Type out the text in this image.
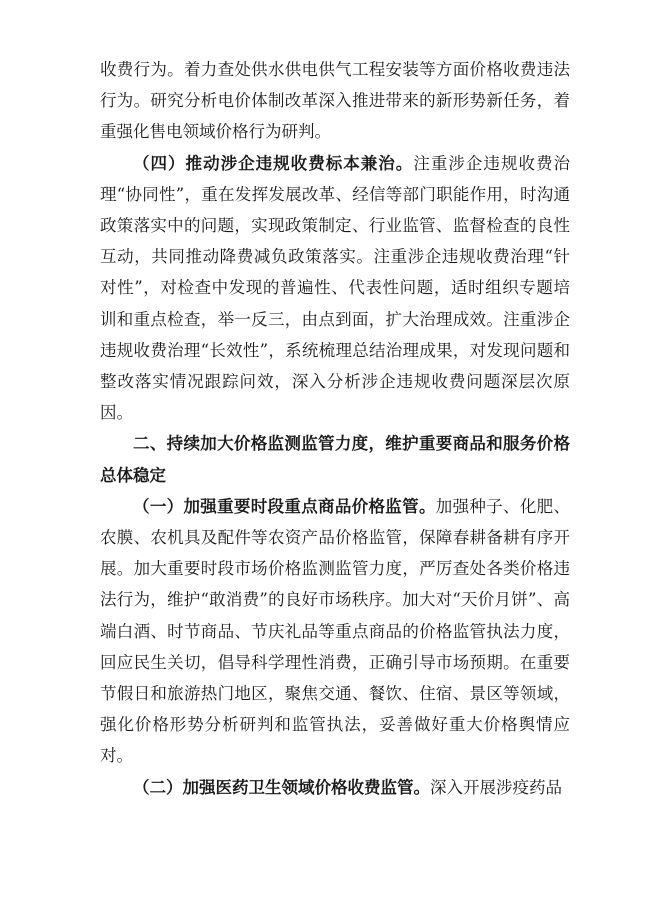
收费行为。着力查处供水供电供气工程安装等方面价格收费违法行为。研究分析电价体制改革深入推进带来的新形势新任务，着重强化售电领域价格行为研判。

（四）推动涉企违规收费标本兼治。注重涉企违规收费治理“协同性”，重在发挥发展改革、经信等部门职能作用，时沟通政策落实中的问题，实现政策制定、行业监管、监督检查的良性互动，共同推动降费减负政策落实。注重涉企违规收费治理“针对性”，对检查中发现的普遍性、代表性问题，适时组织专题培训和重点检查，举一反三，由点到面，扩大治理成效。注重涉企违规收费治理“长效性”，系统梳理总结治理成果，对发现问题和整改落实情况跟踪问效，深入分析涉企违规收费问题深层次原因。

二、持续加大价格监测监管力度，维护重要商品和服务价格总体稳定

（一）加强重要时段重点商品价格监管。加强种子、化肥、农膜、农机具及配件等农资产品价格监管，保障春耕备耕有序开展。加大重要时段市场价格监测监管力度，严厉查处各类价格违法行为，维护“敢消费”的良好市场秩序。加大对“天价月饼”、高端白酒、时节商品、节庆礼品等重点商品的价格监管执法力度，回应民生关切，倡导科学理性消费，正确引导市场预期。在重要节假日和旅游热门地区，聚焦交通、餐饮、住宿、景区等领域，强化价格形势分析研判和监管执法，妥善做好重大价格舆情应对。

（二）加强医药卫生领域价格收费监管。深入开展涉疫药品
